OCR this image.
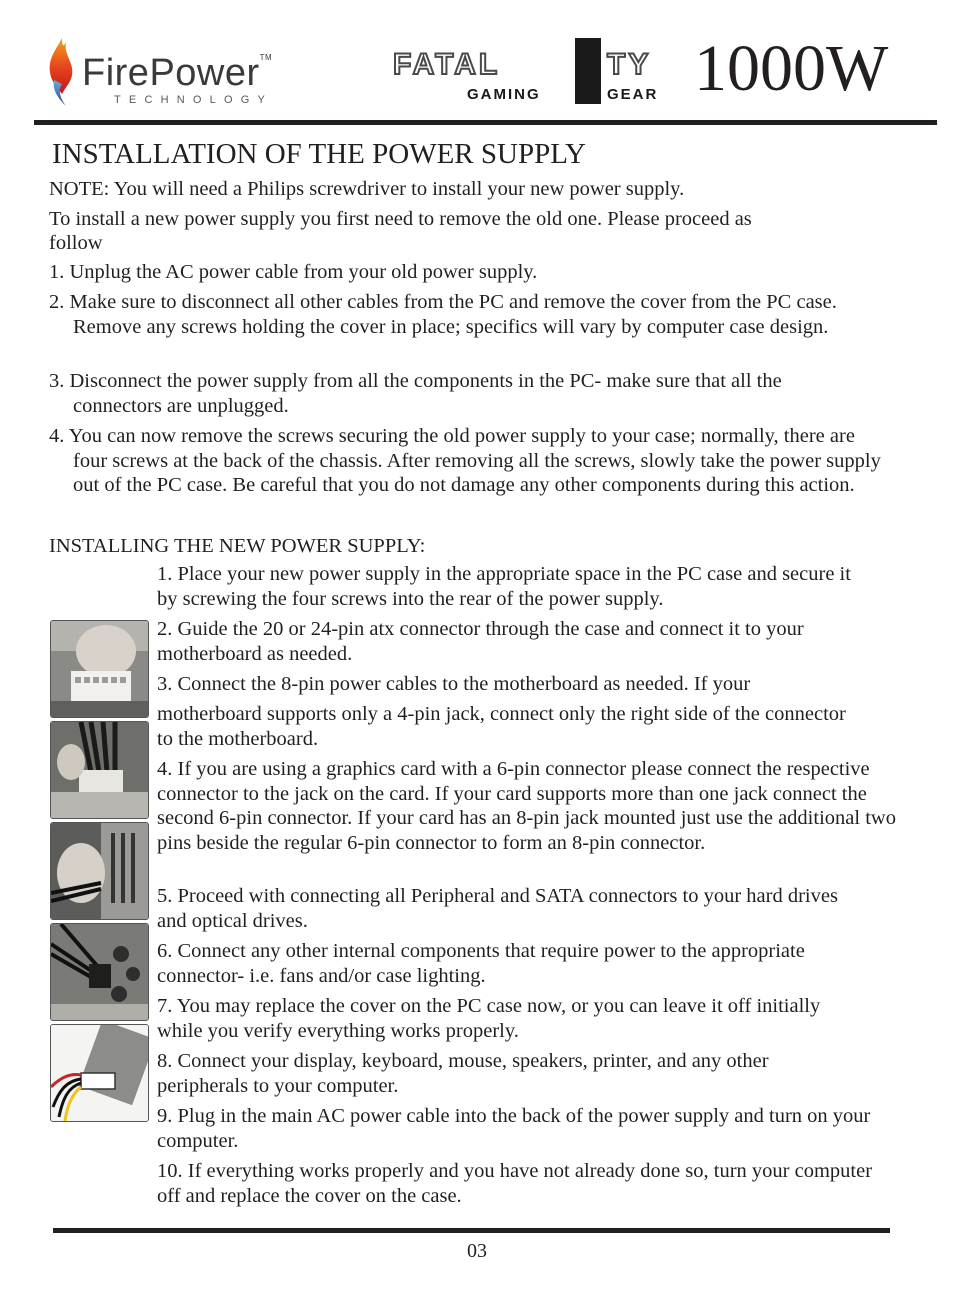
FirePower™
TECHNOLOGY
FATAL	TY
GAMING	GEAR 1000W
INSTALLATION OF THE POWER SUPPLY

NOTE: You will need a Philips screwdriver to install your new power supply.

To install a new power supply you first need to remove the old one. Please proceed as

follow

1. Unplug the AC power cable from your old power supply.

2. Make sure to disconnect all other cables from the PC and remove the cover from the PC case. Remove any screws holding the cover in place; specifics will vary by computer case design.

3. Disconnect the power supply from all the components in the PC- make sure that all the connectors are unplugged.

4. You can now remove the screws securing the old power supply to your case; normally, there are four screws at the back of the chassis. After removing all the screws, slowly take the power supply out of the PC case. Be careful that you do not damage any other components during this action.

INSTALLING THE NEW POWER SUPPLY:

1. Place your new power supply in the appropriate space in the PC case and secure it by screwing the four screws into the rear of the power supply.

2. Guide the 20 or 24-pin atx connector through the case and connect it to your motherboard as needed.

3. Connect the 8-pin power cables to the motherboard as needed. If your

motherboard supports only a 4-pin jack, connect only the right side of the connector to the motherboard.

4. If you are using a graphics card with a 6-pin connector please connect the respective connector to the jack on the card. If your card supports more than one jack connect the second 6-pin connector. If your card has an 8-pin jack mounted just use the additional two pins beside the regular 6-pin connector to form an 8-pin connector.

5. Proceed with connecting all Peripheral and SATA connectors to your hard drives and optical drives.

6. Connect any other internal components that require power to the appropriate connector- i.e. fans and/or case lighting.

7. You may replace the cover on the PC case now, or you can leave it off initially while you verify everything works properly.

8. Connect your display, keyboard, mouse, speakers, printer, and any other peripherals to your computer.

9. Plug in the main AC power cable into the back of the power supply and turn on your computer.

10. If everything works properly and you have not already done so, turn your computer off and replace the cover on the case.

03
